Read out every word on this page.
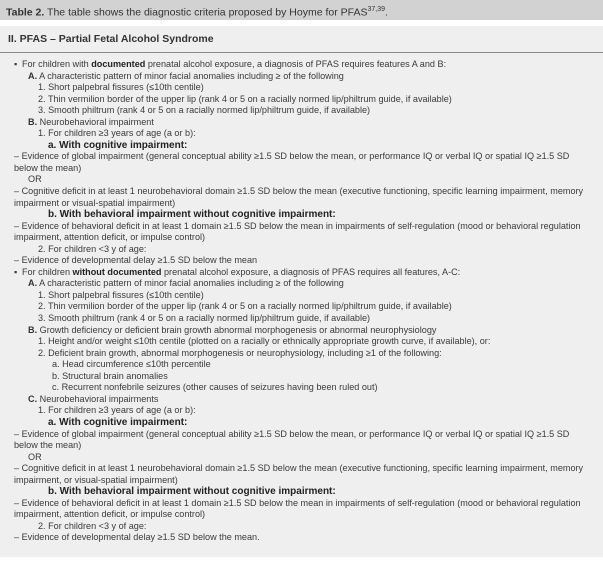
Table 2. The table shows the diagnostic criteria proposed by Hoyme for PFAS$^{37,39}$.
II. PFAS – Partial Fetal Alcohol Syndrome
▪ For children with documented prenatal alcohol exposure, a diagnosis of PFAS requires features A and B:
A. A characteristic pattern of minor facial anomalies including ≥ of the following
1. Short palpebral fissures (≤10th centile)
2. Thin vermilion border of the upper lip (rank 4 or 5 on a racially normed lip/philtrum guide, if available)
3. Smooth philtrum (rank 4 or 5 on a racially normed lip/philtrum guide, if available)
B. Neurobehavioral impairment
1. For children ≥3 years of age (a or b):
a. With cognitive impairment:
– Evidence of global impairment (general conceptual ability ≥1.5 SD below the mean, or performance IQ or verbal IQ or spatial IQ ≥1.5 SD below the mean)
OR
– Cognitive deficit in at least 1 neurobehavioral domain ≥1.5 SD below the mean (executive functioning, specific learning impairment, memory impairment or visual-spatial impairment)
b. With behavioral impairment without cognitive impairment:
– Evidence of behavioral deficit in at least 1 domain ≥1.5 SD below the mean in impairments of self-regulation (mood or behavioral regulation impairment, attention deficit, or impulse control)
2. For children <3 y of age:
– Evidence of developmental delay ≥1.5 SD below the mean
▪ For children without documented prenatal alcohol exposure, a diagnosis of PFAS requires all features, A-C:
A. A characteristic pattern of minor facial anomalies including ≥ of the following
1. Short palpebral fissures (≤10th centile)
2. Thin vermilion border of the upper lip (rank 4 or 5 on a racially normed lip/philtrum guide, if available)
3. Smooth philtrum (rank 4 or 5 on a racially normed lip/philtrum guide, if available)
B. Growth deficiency or deficient brain growth abnormal morphogenesis or abnormal neurophysiology
1. Height and/or weight ≤10th centile (plotted on a racially or ethnically appropriate growth curve, if available), or:
2. Deficient brain growth, abnormal morphogenesis or neurophysiology, including ≥1 of the following:
a. Head circumference ≤10th percentile
b. Structural brain anomalies
c. Recurrent nonfebrile seizures (other causes of seizures having been ruled out)
C. Neurobehavioral impairments
1. For children ≥3 years of age (a or b):
a. With cognitive impairment:
– Evidence of global impairment (general conceptual ability ≥1.5 SD below the mean, or performance IQ or verbal IQ or spatial IQ ≥1.5 SD below the mean)
OR
– Cognitive deficit in at least 1 neurobehavioral domain ≥1.5 SD below the mean (executive functioning, specific learning impairment, memory impairment, or visual-spatial impairment)
b. With behavioral impairment without cognitive impairment:
– Evidence of behavioral deficit in at least 1 domain ≥1.5 SD below the mean in impairments of self-regulation (mood or behavioral regulation impairment, attention deficit, or impulse control)
2. For children <3 y of age:
– Evidence of developmental delay ≥1.5 SD below the mean.
